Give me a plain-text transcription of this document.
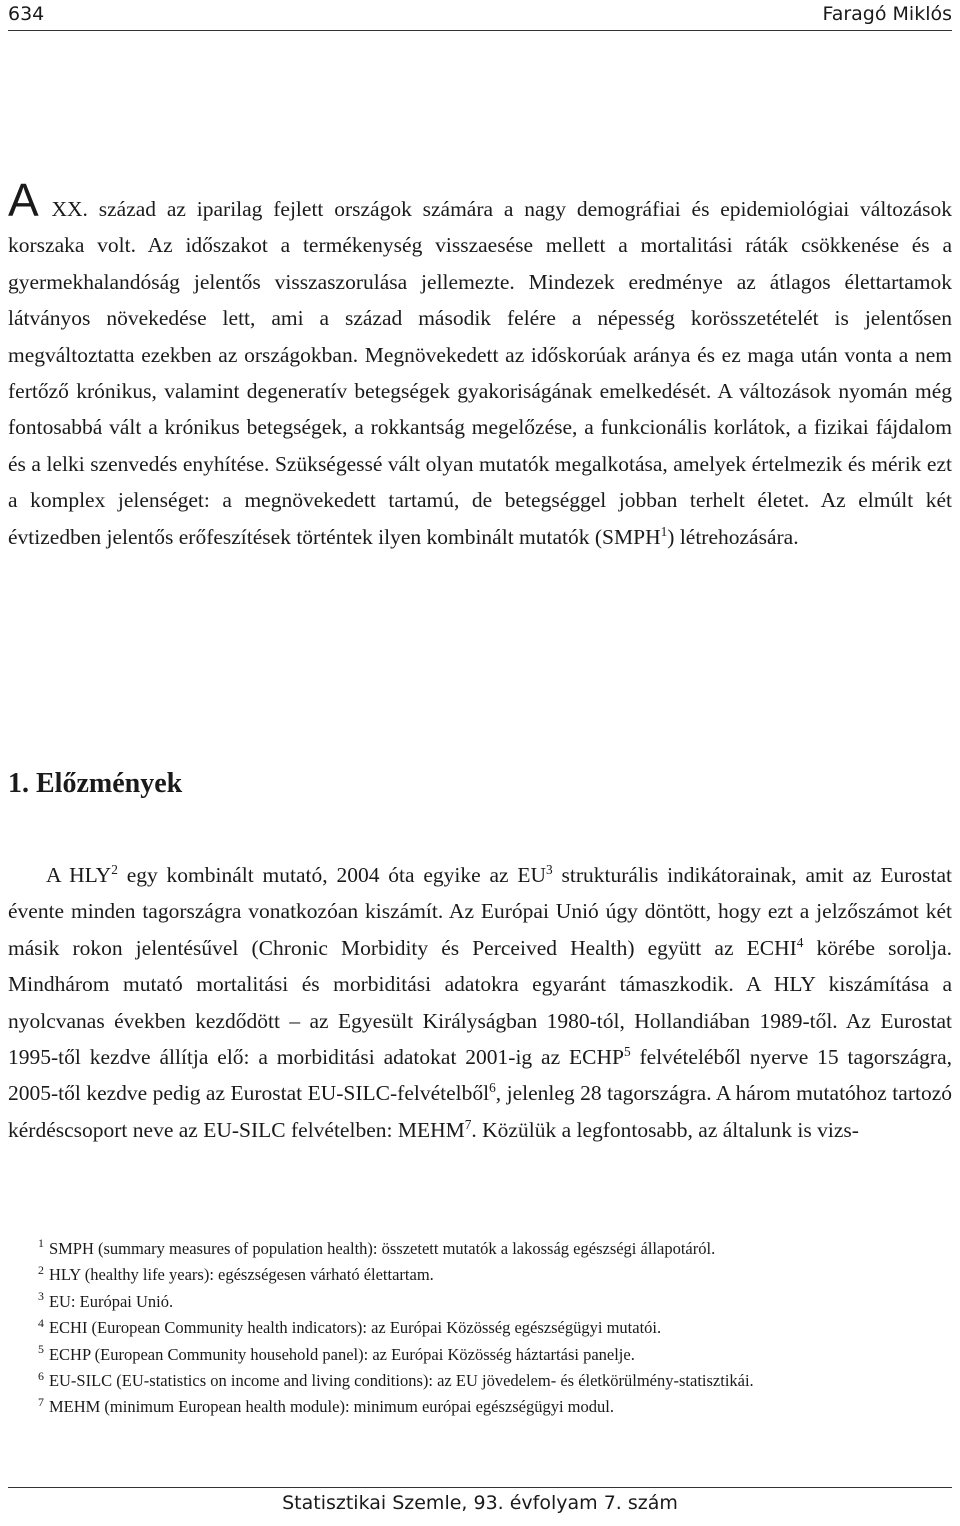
634	Faragó Miklós

A XX. század az iparilag fejlett országok számára a nagy demográfiai és epidemiológiai változások korszaka volt. Az időszakot a termékenység visszaesése mellett a mortalitási ráták csökkenése és a gyermekhalandóság jelentős visszaszorulása jellemezte. Mindezek eredménye az átlagos élettartamok látványos növekedése lett, ami a század második felére a népesség korösszetételét is jelentősen megváltoztatta ezekben az országokban. Megnövekedett az időskorúak aránya és ez maga után vonta a nem fertőző krónikus, valamint degeneratív betegségek gyakoriságának emelkedését. A változások nyomán még fontosabbá vált a krónikus betegségek, a rokkantság megelőzése, a funkcionális korlátok, a fizikai fájdalom és a lelki szenvedés enyhítése. Szükségessé vált olyan mutatók megalkotása, amelyek értelmezik és mérik ezt a komplex jelenséget: a megnövekedett tartamú, de betegséggel jobban terhelt életet. Az elmúlt két évtizedben jelentős erőfeszítések történtek ilyen kombinált mutatók (SMPH$^1$) létrehozására.

1. Előzmények

A HLY$^2$ egy kombinált mutató, 2004 óta egyike az $EU^3$ strukturális indikátorainak, amit az Eurostat évente minden tagországra vonatkozóan kiszámít. Az Európai Unió úgy döntött, hogy ezt a jelzőszámot két másik rokon jelentésűvel (Chronic Morbidity és Perceived Health) együtt az ECHI$^4$ körébe sorolja. Mindhárom mutató mortalitási és morbiditási adatokra egyaránt támaszkodik. A HLY kiszámítása a nyolcvanas években kezdődött – az Egyesült Királyságban 1980-tól, Hollandiában 1989-től. Az Eurostat 1995-től kezdve állítja elő: a morbiditási adatokat 2001-ig az ECHP$^5$ felvételéből nyerve 15 tagországra, 2005-től kezdve pedig az Eurostat EU-SILC-felvételből$^6$, jelenleg 28 tagországra. A három mutatóhoz tartozó kérdéscsoport neve az EU-SILC felvételben: MEHM$^7$. Közülük a legfontosabb, az általunk is vizs-

$^1$ SMPH (summary measures of population health): összetett mutatók a lakosság egészségi állapotáról.

$^2$ HLY (healthy life years): egészségesen várható élettartam.

$^3$ EU: Európai Unió.

$^4$ ECHI (European Community health indicators): az Európai Közösség egészségügyi mutatói.

$^5$ ECHP (European Community household panel): az Európai Közösség háztartási panelje.

$^6$ EU-SILC (EU-statistics on income and living conditions): az EU jövedelem- és életkörülmény-statisztikái.

$^7$ MEHM (minimum European health module): minimum európai egészségügyi modul.

Statisztikai Szemle, 93. évfolyam 7. szám
